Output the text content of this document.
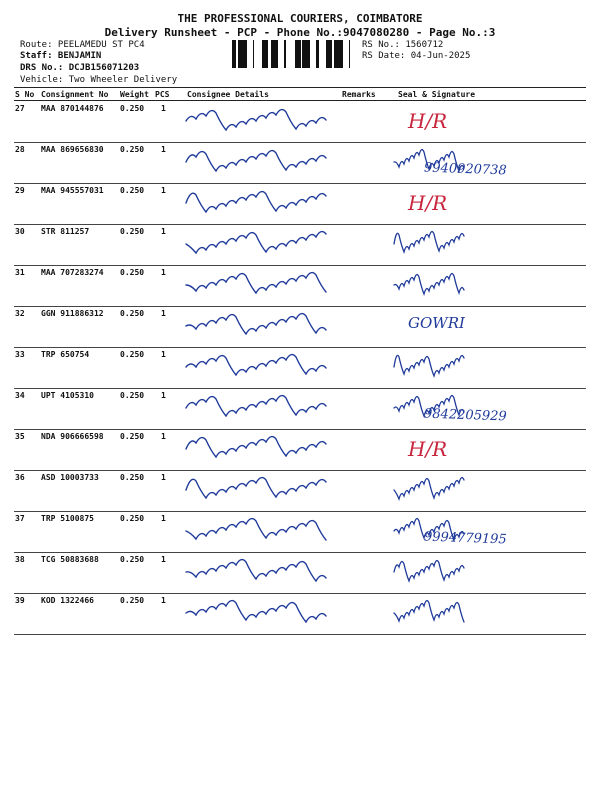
THE PROFESSIONAL COURIERS, COIMBATORE
Delivery Runsheet - PCP - Phone No.:9047080280 - Page No.:3
Route: PEELAMEDU ST PC4
Staff: BENJAMIN
DRS No.: DCJB156071203
Vehicle: Two Wheeler Delivery
RS No.: 1560712
RS Date: 04-Jun-2025
S No Consignment No Weight PCS Consignee Details	Remarks	Seal & Signature
27 MAA 870144876 0.250 1
H/R
28 MAA 869656830 0.250 1
9940920738
29 MAA 945557031 0.250 1
H/R
30 STR 811257	0.250 1
31 MAA 707283274 0.250 1
32 GGN 911886312 0.250 1
GOWRI
33 TRP 650754	0.250 1
34 UPT 4105310	0.250 1
9842205929
35 NDA 906666598 0.250 1
H/R
36 ASD 10003733	0.250 1
37 TRP 5100875	0.250 1
9994779195
38 TCG 50883688	0.250 1
39 KOD 1322466	0.250 1
